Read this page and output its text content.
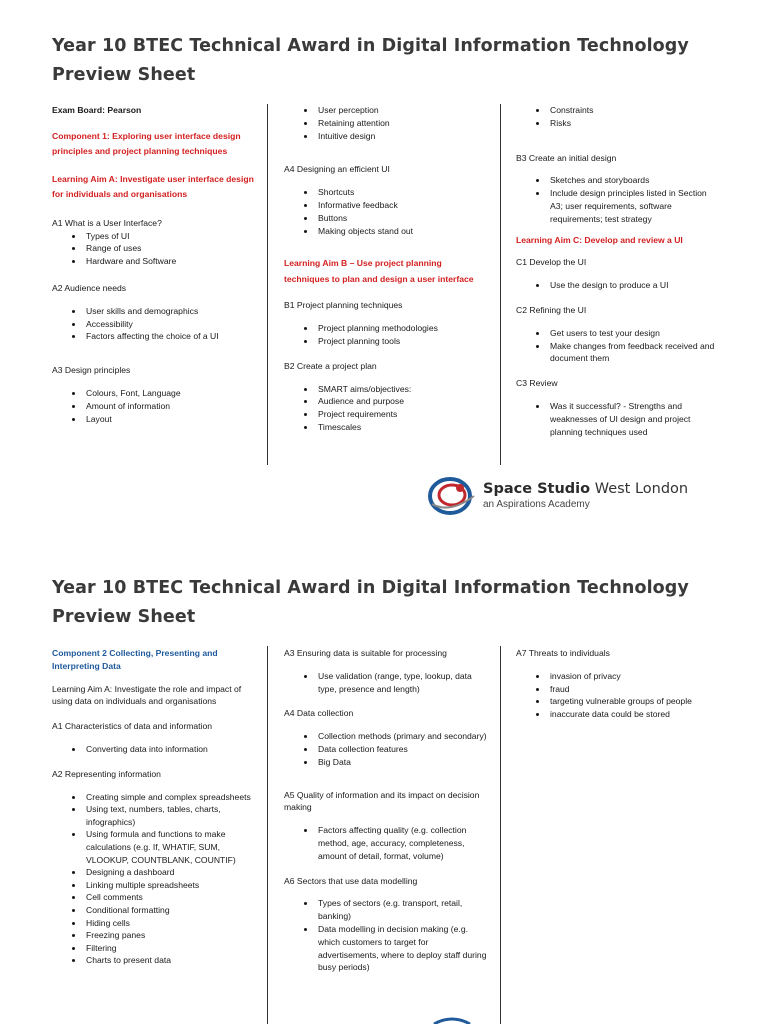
Year 10 BTEC Technical Award in Digital Information Technology
Preview Sheet

Exam Board: Pearson

Component 1: Exploring user interface design principles and project planning techniques

Learning Aim A: Investigate user interface design for individuals and organisations

A1 What is a User Interface?

• Types of UI
• Range of uses
• Hardware and Software

A2 Audience needs

• User skills and demographics
• Accessibility
• Factors affecting the choice of a UI

A3 Design principles

• Colours, Font, Language
• Amount of information
• Layout
• User perception
• Retaining attention
• Intuitive design

A4 Designing an efficient UI

• Shortcuts
• Informative feedback
• Buttons
• Making objects stand out

Learning Aim B – Use project planning techniques to plan and design a user interface

B1 Project planning techniques

• Project planning methodologies
• Project planning tools

B2 Create a project plan

• SMART aims/objectives:
• Audience and purpose
• Project requirements
• Timescales
• Constraints
• Risks

B3 Create an initial design

• Sketches and storyboards
• Include design principles listed in Section A3; user requirements, software requirements; test strategy

Learning Aim C: Develop and review a UI

C1 Develop the UI

• Use the design to produce a UI

C2 Refining the UI

• Get users to test your design
• Make changes from feedback received and document them

C3 Review

• Was it successful? - Strengths and weaknesses of UI design and project planning techniques used
Space Studio West London
an Aspirations Academy
Year 10 BTEC Technical Award in Digital Information Technology
Preview Sheet

Component 2 Collecting, Presenting and Interpreting Data

Learning Aim A: Investigate the role and impact of using data on individuals and organisations

A1 Characteristics of data and information

• Converting data into information

A2 Representing information

• Creating simple and complex spreadsheets
• Using text, numbers, tables, charts, infographics)
• Using formula and functions to make calculations (e.g. If, WHATIF, SUM, VLOOKUP, COUNTBLANK, COUNTIF)
• Designing a dashboard
• Linking multiple spreadsheets
• Cell comments
• Conditional formatting
• Hiding cells
• Freezing panes
• Filtering
• Charts to present data

A3 Ensuring data is suitable for processing

• Use validation (range, type, lookup, data type, presence and length)

A4 Data collection

• Collection methods (primary and secondary)
• Data collection features
• Big Data

A5 Quality of information and its impact on decision making

• Factors affecting quality (e.g. collection method, age, accuracy, completeness, amount of detail, format, volume)

A6 Sectors that use data modelling

• Types of sectors (e.g. transport, retail, banking)
• Data modelling in decision making (e.g. which customers to target for advertisements, where to deploy staff during busy periods)

A7 Threats to individuals

• invasion of privacy
• fraud
• targeting vulnerable groups of people
• inaccurate data could be stored
